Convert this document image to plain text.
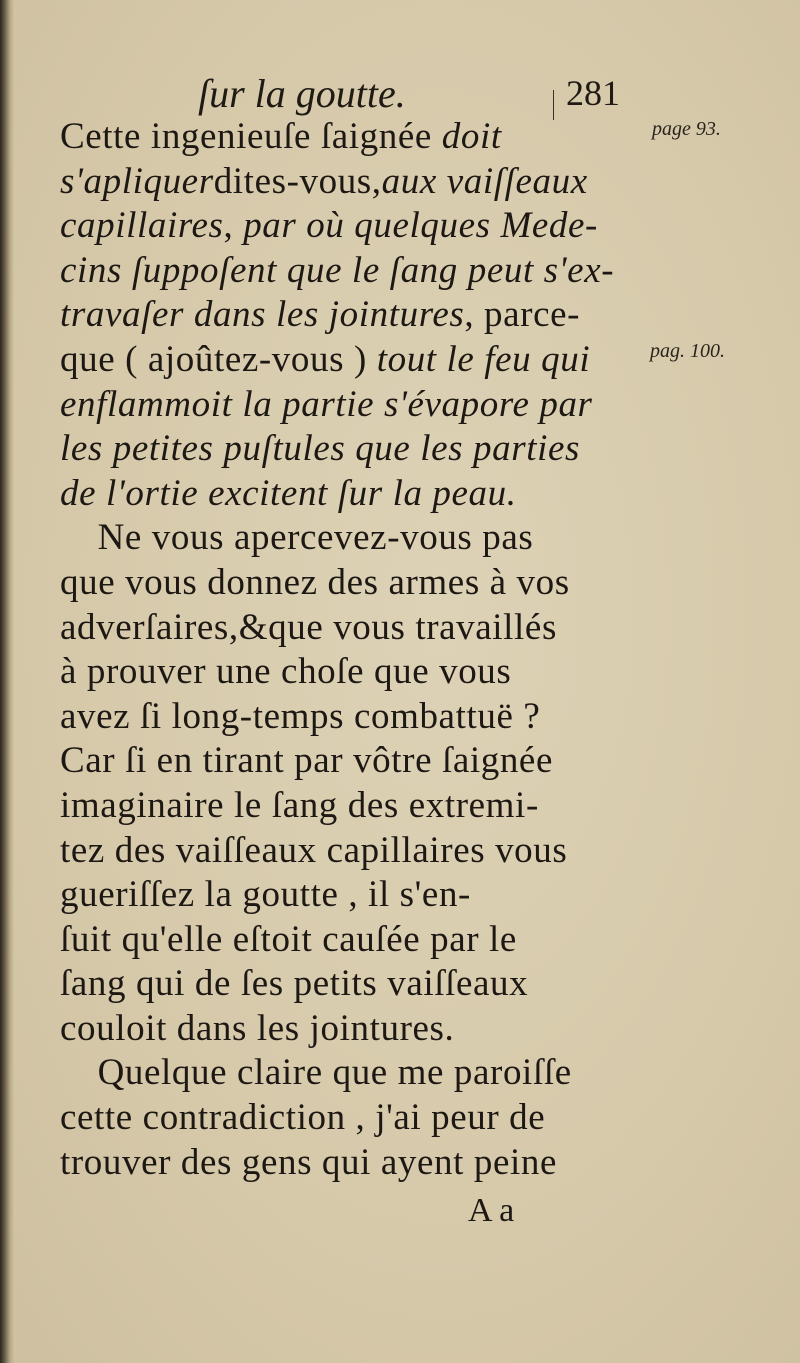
ſur la goutte.	281
page 93.
pag. 100.
Cette ingenieuſe ſaignée doit
s'apliquerdites-vous,aux vaiſſeaux
capillaires, par où quelques Mede-
cins ſuppoſent que le ſang peut s'ex-
travaſer dans les jointures, parce-
que ( ajoûtez-vous ) tout le feu qui
enflammoit la partie s'évapore par
les petites puſtules que les parties
de l'ortie excitent ſur la peau.
 Ne vous apercevez-vous pas
que vous donnez des armes à vos
adverſaires,&que vous travaillés
à prouver une choſe que vous
avez ſi long-temps combattuë ?
Car ſi en tirant par vôtre ſaignée
imaginaire le ſang des extremi-
tez des vaiſſeaux capillaires vous
gueriſſez la goutte , il s'en-
ſuit qu'elle eſtoit cauſée par le
ſang qui de ſes petits vaiſſeaux
couloit dans les jointures.
 Quelque claire que me paroiſſe
cette contradiction , j'ai peur de
trouver des gens qui ayent peine
A a
